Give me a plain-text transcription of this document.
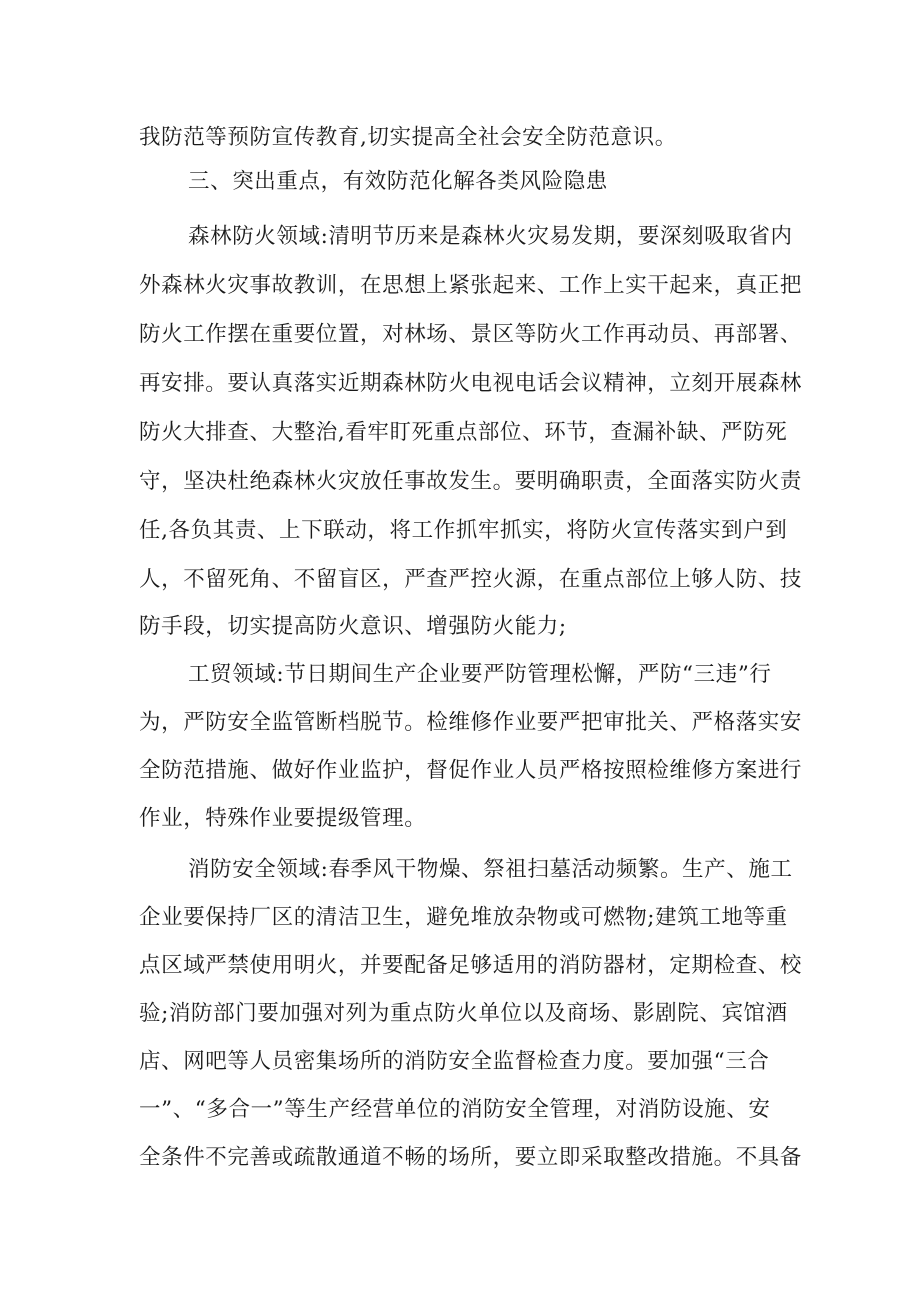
我防范等预防宣传教育,切实提高全社会安全防范意识。
三、突出重点，有效防范化解各类风险隐患
森林防火领域:清明节历来是森林火灾易发期，要深刻吸取省内
外森林火灾事故教训，在思想上紧张起来、工作上实干起来，真正把
防火工作摆在重要位置，对林场、景区等防火工作再动员、再部署、
再安排。要认真落实近期森林防火电视电话会议精神，立刻开展森林
防火大排查、大整治,看牢盯死重点部位、环节，查漏补缺、严防死
守，坚决杜绝森林火灾放任事故发生。要明确职责，全面落实防火责
任,各负其责、上下联动，将工作抓牢抓实，将防火宣传落实到户到
人，不留死角、不留盲区，严查严控火源，在重点部位上够人防、技
防手段，切实提高防火意识、增强防火能力;
工贸领域:节日期间生产企业要严防管理松懈，严防“三违”行
为，严防安全监管断档脱节。检维修作业要严把审批关、严格落实安
全防范措施、做好作业监护，督促作业人员严格按照检维修方案进行
作业，特殊作业要提级管理。
消防安全领域:春季风干物燥、祭祖扫墓活动频繁。生产、施工
企业要保持厂区的清洁卫生，避免堆放杂物或可燃物;建筑工地等重
点区域严禁使用明火，并要配备足够适用的消防器材，定期检查、校
验;消防部门要加强对列为重点防火单位以及商场、影剧院、宾馆酒
店、网吧等人员密集场所的消防安全监督检查力度。要加强“三合
一”、“多合一”等生产经营单位的消防安全管理，对消防设施、安
全条件不完善或疏散通道不畅的场所，要立即采取整改措施。不具备
